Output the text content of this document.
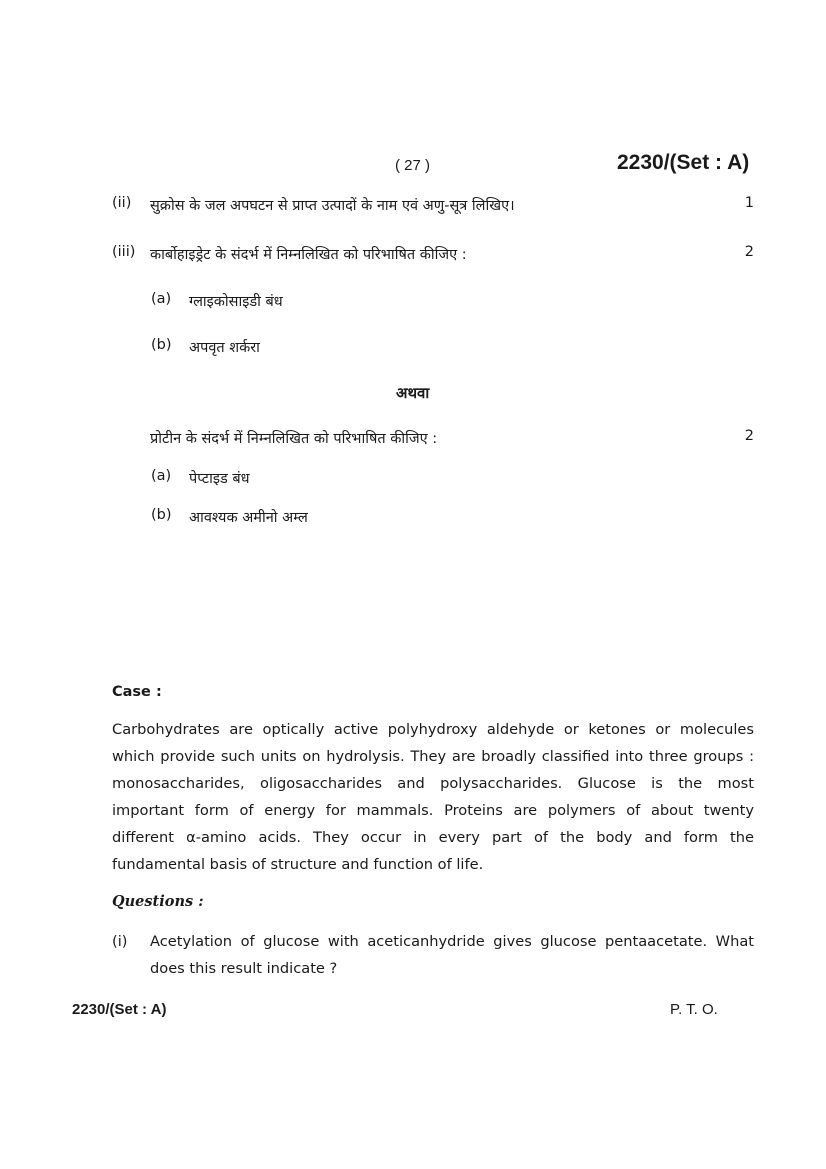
( 27 )	2230/(Set : A)
(ii)	सुक्रोस के जल अपघटन से प्राप्त उत्पादों के नाम एवं अणु-सूत्र लिखिए।	1
(iii)	कार्बोहाइड्रेट के संदर्भ में निम्नलिखित को परिभाषित कीजिए :	2
(a)	ग्लाइकोसाइडी बंध
(b)	अपवृत शर्करा
अथवा
प्रोटीन के संदर्भ में निम्नलिखित को परिभाषित कीजिए :	2
(a)	पेप्टाइड बंध
(b)	आवश्यक अमीनो अम्ल
Case :

Carbohydrates are optically active polyhydroxy aldehyde or ketones or molecules which provide such units on hydrolysis. They are broadly classified into three groups : monosaccharides, oligosaccharides and polysaccharides. Glucose is the most important form of energy for mammals. Proteins are polymers of about twenty different α-amino acids. They occur in every part of the body and form the fundamental basis of structure and function of life.

Questions :
(i)	Acetylation of glucose with aceticanhydride gives glucose pentaacetate. What does this result indicate ?
2230/(Set : A)	P. T. O.
